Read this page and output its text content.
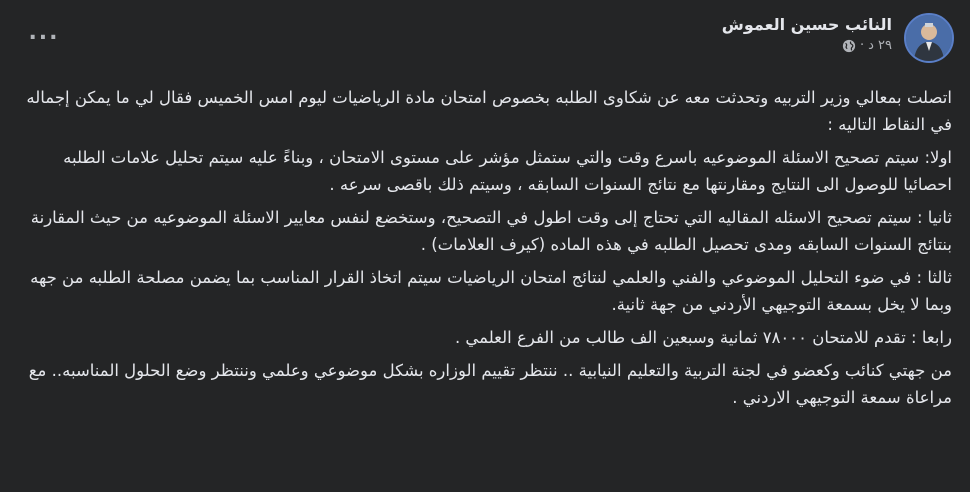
النائب حسين العموش
٢٩ د
·
...

اتصلت بمعالي وزير التربيه وتحدثت معه عن شكاوى الطلبه بخصوص امتحان مادة الرياضيات ليوم امس الخميس فقال لي ما يمكن إجماله في النقاط التاليه :

اولا: سيتم تصحيح الاسئلة الموضوعيه باسرع وقت والتي ستمثل مؤشر على مستوى الامتحان ، وبناءً عليه سيتم تحليل علامات الطلبه احصائيا للوصول الى النتايج ومقارنتها مع نتائج السنوات السابقه ، وسيتم ذلك باقصى سرعه .

ثانيا : سيتم تصحيح الاسئله المقاليه التي تحتاج إلى وقت اطول في التصحيح، وستخضع لنفس معايير الاسئلة الموضوعيه من حيث المقارنة بنتائج السنوات السابقه ومدى تحصيل الطلبه في هذه الماده (كيرف العلامات) .

ثالثا : في ضوء التحليل الموضوعي والفني والعلمي لنتائج امتحان الرياضيات سيتم اتخاذ القرار المناسب بما يضمن مصلحة الطلبه من جهه وبما لا يخل بسمعة التوجيهي الأردني من جهة ثانية.

رابعا : تقدم للامتحان ٧٨٠٠٠ ثمانية وسبعين الف طالب من الفرع العلمي .

من جهتي كنائب وكعضو في لجنة التربية والتعليم النيابية .. ننتظر تقييم الوزاره بشكل موضوعي وعلمي وننتظر وضع الحلول المناسبه.. مع مراعاة سمعة التوجيهي الاردني .
